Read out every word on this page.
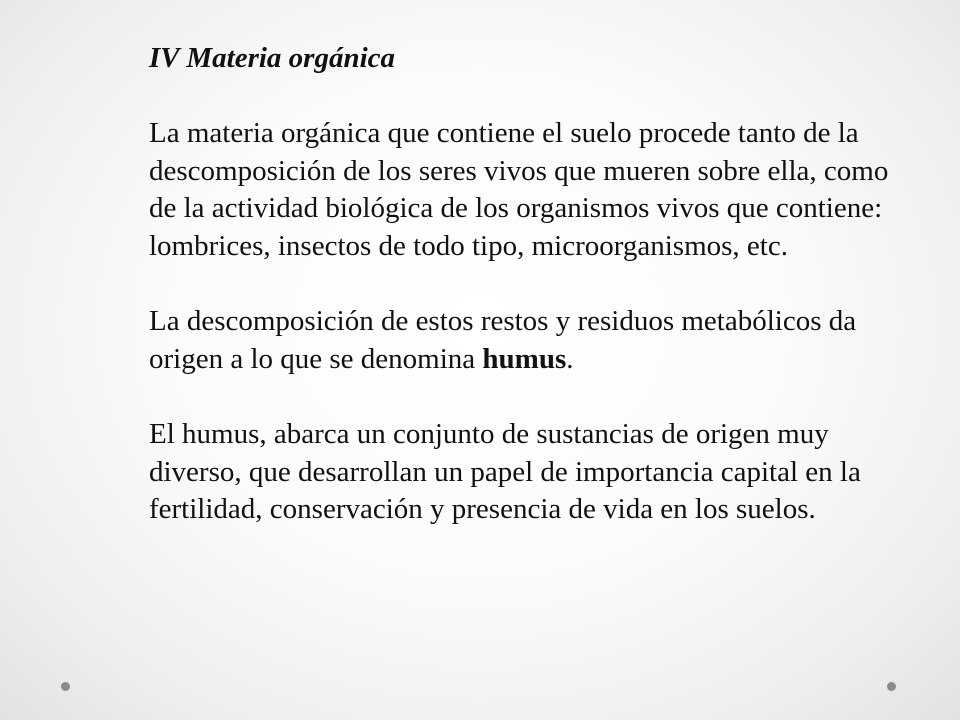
IV Materia orgánica

La materia orgánica que contiene el suelo procede tanto de la descomposición de los seres vivos que mueren sobre ella, como de la actividad biológica de los organismos vivos que contiene: lombrices, insectos de todo tipo, microorganismos, etc.

La descomposición de estos restos y residuos metabólicos da origen a lo que se denomina humus.

El humus, abarca un conjunto de sustancias de origen muy diverso, que desarrollan un papel de importancia capital en la fertilidad, conservación y presencia de vida en los suelos.
